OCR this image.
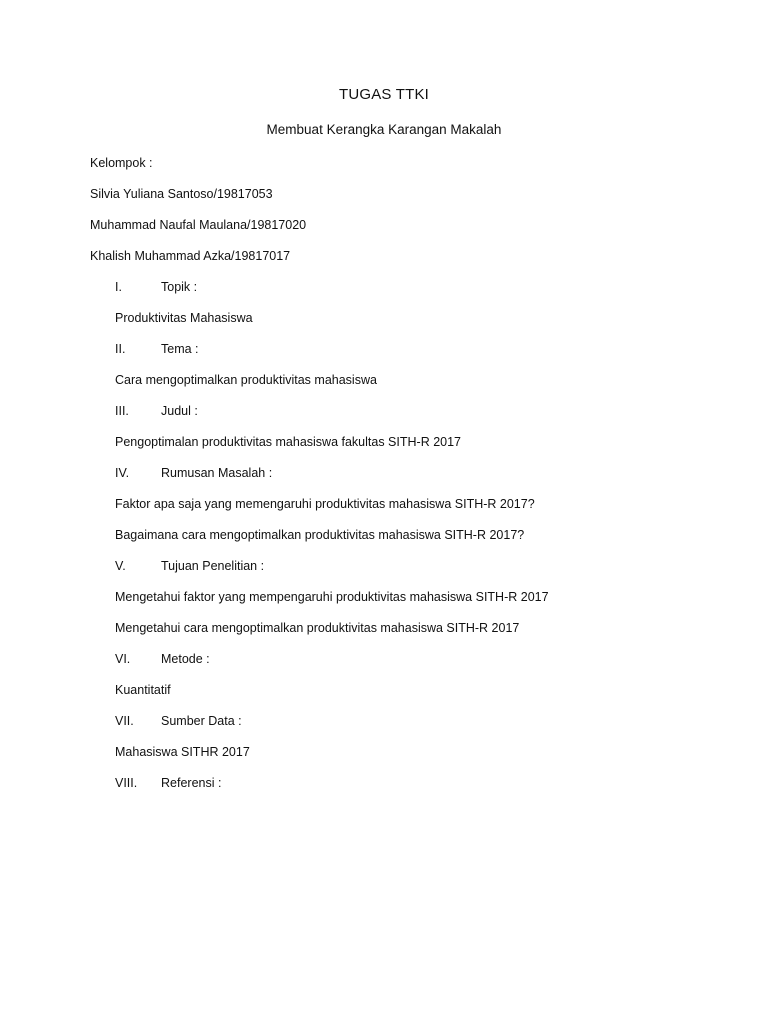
TUGAS TTKI
Membuat Kerangka Karangan Makalah
Kelompok :
Silvia Yuliana Santoso/19817053
Muhammad Naufal Maulana/19817020
Khalish Muhammad Azka/19817017
I.	Topik :
Produktivitas Mahasiswa
II.	Tema :
Cara mengoptimalkan produktivitas mahasiswa
III.	Judul :
Pengoptimalan produktivitas mahasiswa fakultas SITH-R 2017
IV.	Rumusan Masalah :
Faktor apa saja yang memengaruhi produktivitas mahasiswa SITH-R 2017?
Bagaimana cara mengoptimalkan produktivitas mahasiswa SITH-R 2017?
V.	Tujuan Penelitian :
Mengetahui faktor yang mempengaruhi produktivitas mahasiswa SITH-R 2017
Mengetahui cara mengoptimalkan produktivitas mahasiswa SITH-R 2017
VI. Metode :
Kuantitatif
VII. Sumber Data :
Mahasiswa SITHR 2017
VIII. Referensi :
